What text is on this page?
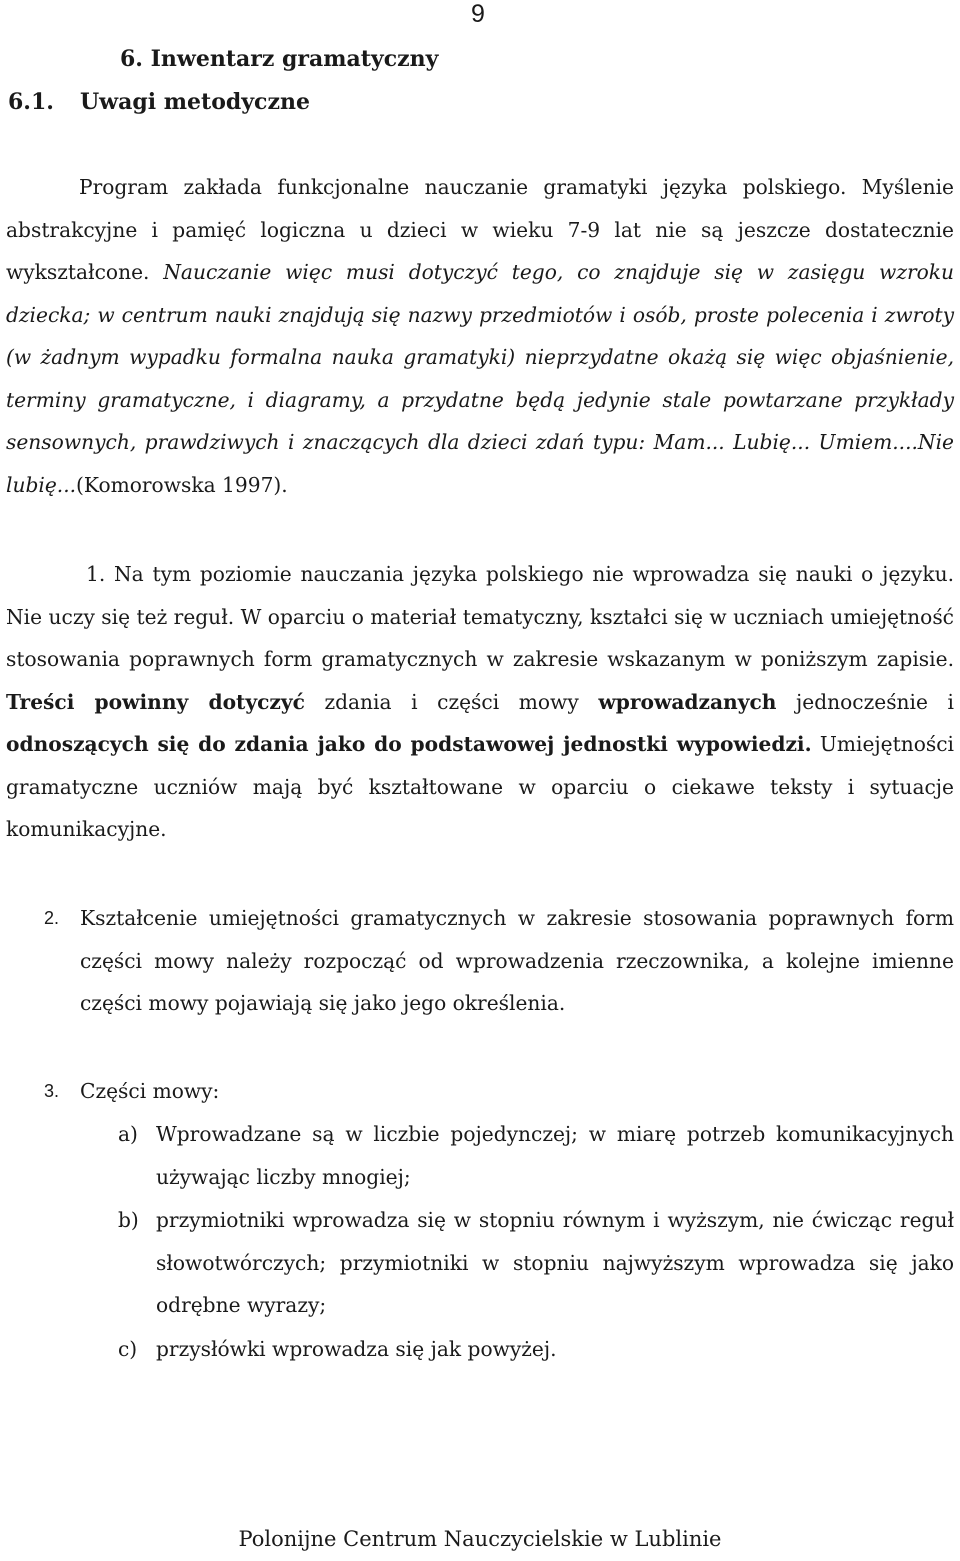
9
6. Inwentarz gramatyczny
6.1. Uwagi metodyczne

Program zakłada funkcjonalne nauczanie gramatyki języka polskiego. Myślenie abstrakcyjne i pamięć logiczna u dzieci w wieku 7-9 lat nie są jeszcze dostatecznie wykształcone. Nauczanie więc musi dotyczyć tego, co znajduje się w zasięgu wzroku dziecka; w centrum nauki znajdują się nazwy przedmiotów i osób, proste polecenia i zwroty (w żadnym wypadku formalna nauka gramatyki) nieprzydatne okażą się więc objaśnienie, terminy gramatyczne, i diagramy, a przydatne będą jedynie stale powtarzane przykłady sensownych, prawdziwych i znaczących dla dzieci zdań typu: Mam... Lubię... Umiem....Nie lubię...(Komorowska 1997).

1. Na tym poziomie nauczania języka polskiego nie wprowadza się nauki o języku. Nie uczy się też reguł. W oparciu o materiał tematyczny, kształci się w uczniach umiejętność stosowania poprawnych form gramatycznych w zakresie wskazanym w poniższym zapisie. Treści powinny dotyczyć zdania i części mowy wprowadzanych jednocześnie i odnoszących się do zdania jako do podstawowej jednostki wypowiedzi. Umiejętności gramatyczne uczniów mają być kształtowane w oparciu o ciekawe teksty i sytuacje komunikacyjne.

2. Kształcenie umiejętności gramatycznych w zakresie stosowania poprawnych form części mowy należy rozpocząć od wprowadzenia rzeczownika, a kolejne imienne części mowy pojawiają się jako jego określenia.
3. Części mowy:
a) Wprowadzane są w liczbie pojedynczej; w miarę potrzeb komunikacyjnych używając liczby mnogiej;
b) przymiotniki wprowadza się w stopniu równym i wyższym, nie ćwicząc reguł słowotwórczych; przymiotniki w stopniu najwyższym wprowadza się jako odrębne wyrazy;
c) przysłówki wprowadza się jak powyżej.
Polonijne Centrum Nauczycielskie w Lublinie
